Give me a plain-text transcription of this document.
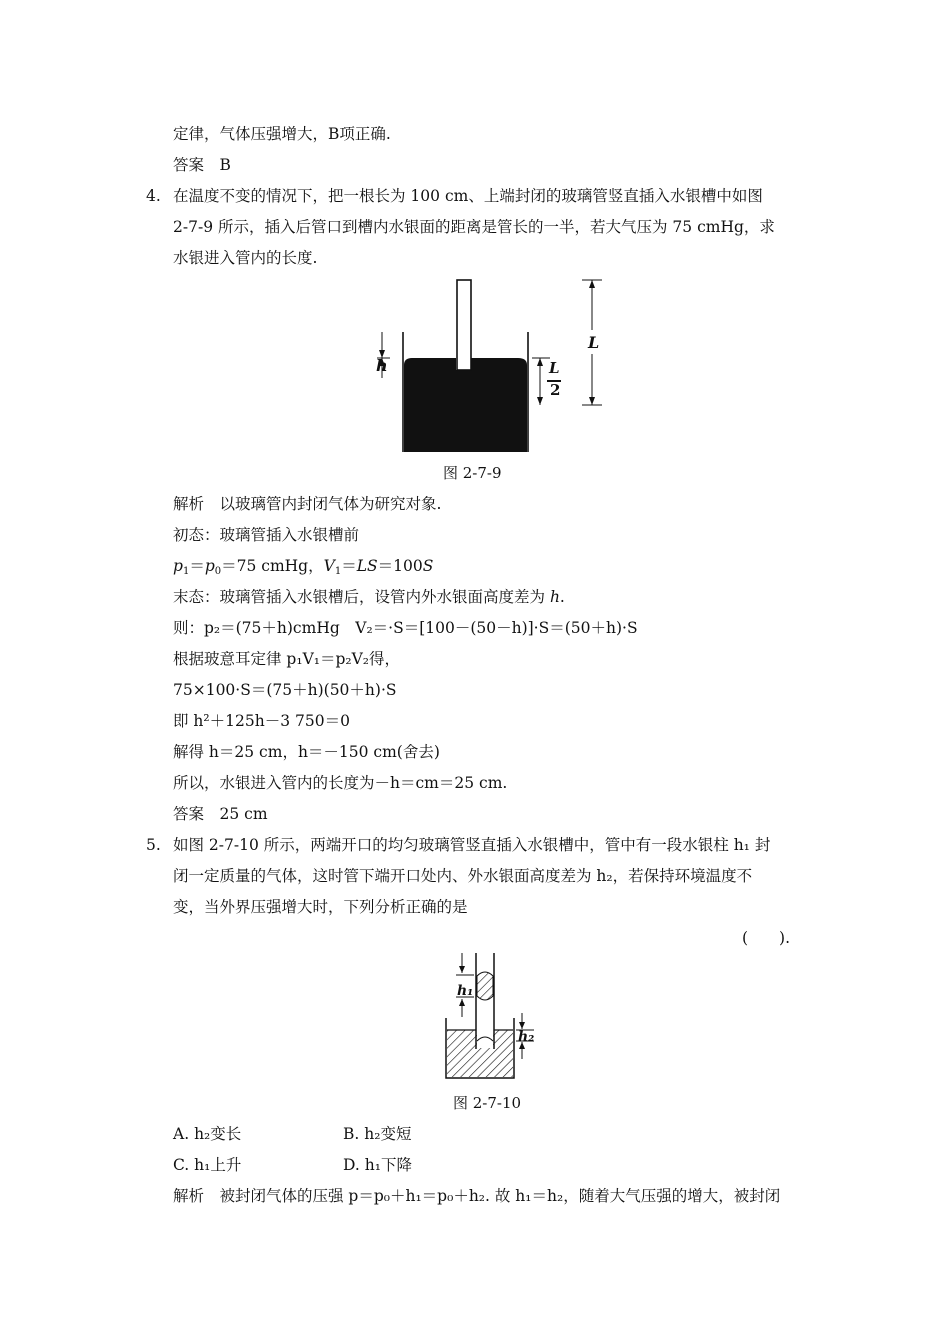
定律，气体压强增大，B项正确.
答案　B
4. 在温度不变的情况下，把一根长为 100 cm、上端封闭的玻璃管竖直插入水银槽中如图
2-7-9 所示，插入后管口到槽内水银面的距离是管长的一半，若大气压为 75 cmHg，求
水银进入管内的长度.
h
L
L
2
图 2-7-9
解析　以玻璃管内封闭气体为研究对象.
初态：玻璃管插入水银槽前
$p_1=p_0=75$ cmHg，$V_1=LS=100S$
末态：玻璃管插入水银槽后，设管内外水银面高度差为 h.
则：p₂＝(75＋h)cmHg　V₂＝·S＝[100－(50－h)]·S＝(50＋h)·S
根据玻意耳定律 p₁V₁＝p₂V₂得，
75×100·S＝(75＋h)(50＋h)·S
即 h²＋125h－3 750＝0
解得 h＝25 cm，h＝－150 cm(舍去)
所以，水银进入管内的长度为－h＝cm＝25 cm.
答案　25 cm
5. 如图 2-7-10 所示，两端开口的均匀玻璃管竖直插入水银槽中，管中有一段水银柱 h₁ 封
闭一定质量的气体，这时管下端开口处内、外水银面高度差为 h₂，若保持环境温度不
变，当外界压强增大时，下列分析正确的是
(　　).
h₁
h₂
图 2-7-10
A. h₂变长	B. h₂变短
C. h₁上升	D. h₁下降
解析　被封闭气体的压强 p＝p₀＋h₁＝p₀＋h₂. 故 h₁＝h₂，随着大气压强的增大，被封闭
